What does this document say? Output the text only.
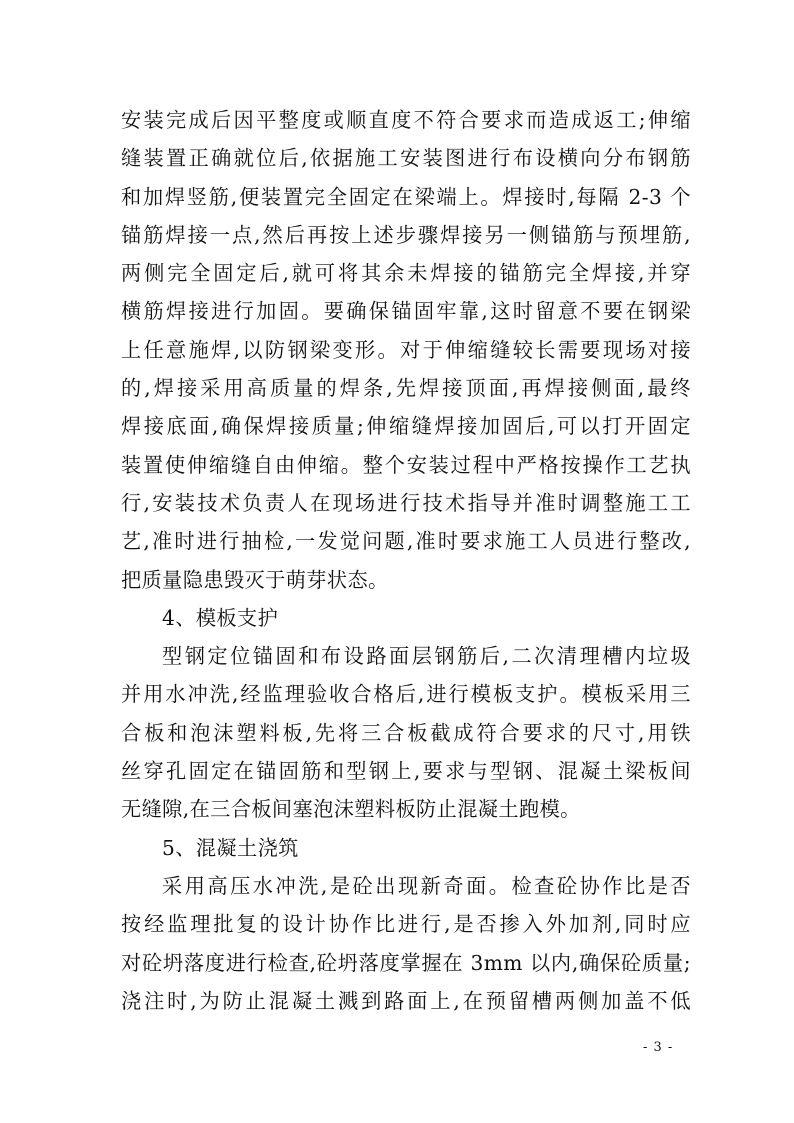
安装完成后因平整度或顺直度不符合要求而造成返工;伸缩
缝装置正确就位后,依据施工安装图进行布设横向分布钢筋
和加焊竖筋,便装置完全固定在梁端上。焊接时,每隔 2-3 个
锚筋焊接一点,然后再按上述步骤焊接另一侧锚筋与预埋筋,
两侧完全固定后,就可将其余未焊接的锚筋完全焊接,并穿
横筋焊接进行加固。要确保锚固牢靠,这时留意不要在钢梁
上任意施焊,以防钢梁变形。对于伸缩缝较长需要现场对接
的,焊接采用高质量的焊条,先焊接顶面,再焊接侧面,最终
焊接底面,确保焊接质量;伸缩缝焊接加固后,可以打开固定
装置使伸缩缝自由伸缩。整个安装过程中严格按操作工艺执
行,安装技术负责人在现场进行技术指导并准时调整施工工
艺,准时进行抽检,一发觉问题,准时要求施工人员进行整改,
把质量隐患毁灭于萌芽状态。
4、模板支护
型钢定位锚固和布设路面层钢筋后,二次清理槽内垃圾
并用水冲洗,经监理验收合格后,进行模板支护。模板采用三
合板和泡沫塑料板,先将三合板截成符合要求的尺寸,用铁
丝穿孔固定在锚固筋和型钢上,要求与型钢、混凝土梁板间
无缝隙,在三合板间塞泡沫塑料板防止混凝土跑模。
5、混凝土浇筑
采用高压水冲洗,是砼出现新奇面。检查砼协作比是否
按经监理批复的设计协作比进行,是否掺入外加剂,同时应
对砼坍落度进行检查,砼坍落度掌握在 3mm 以内,确保砼质量;
浇注时,为防止混凝土溅到路面上,在预留槽两侧加盖不低
- 3 -
